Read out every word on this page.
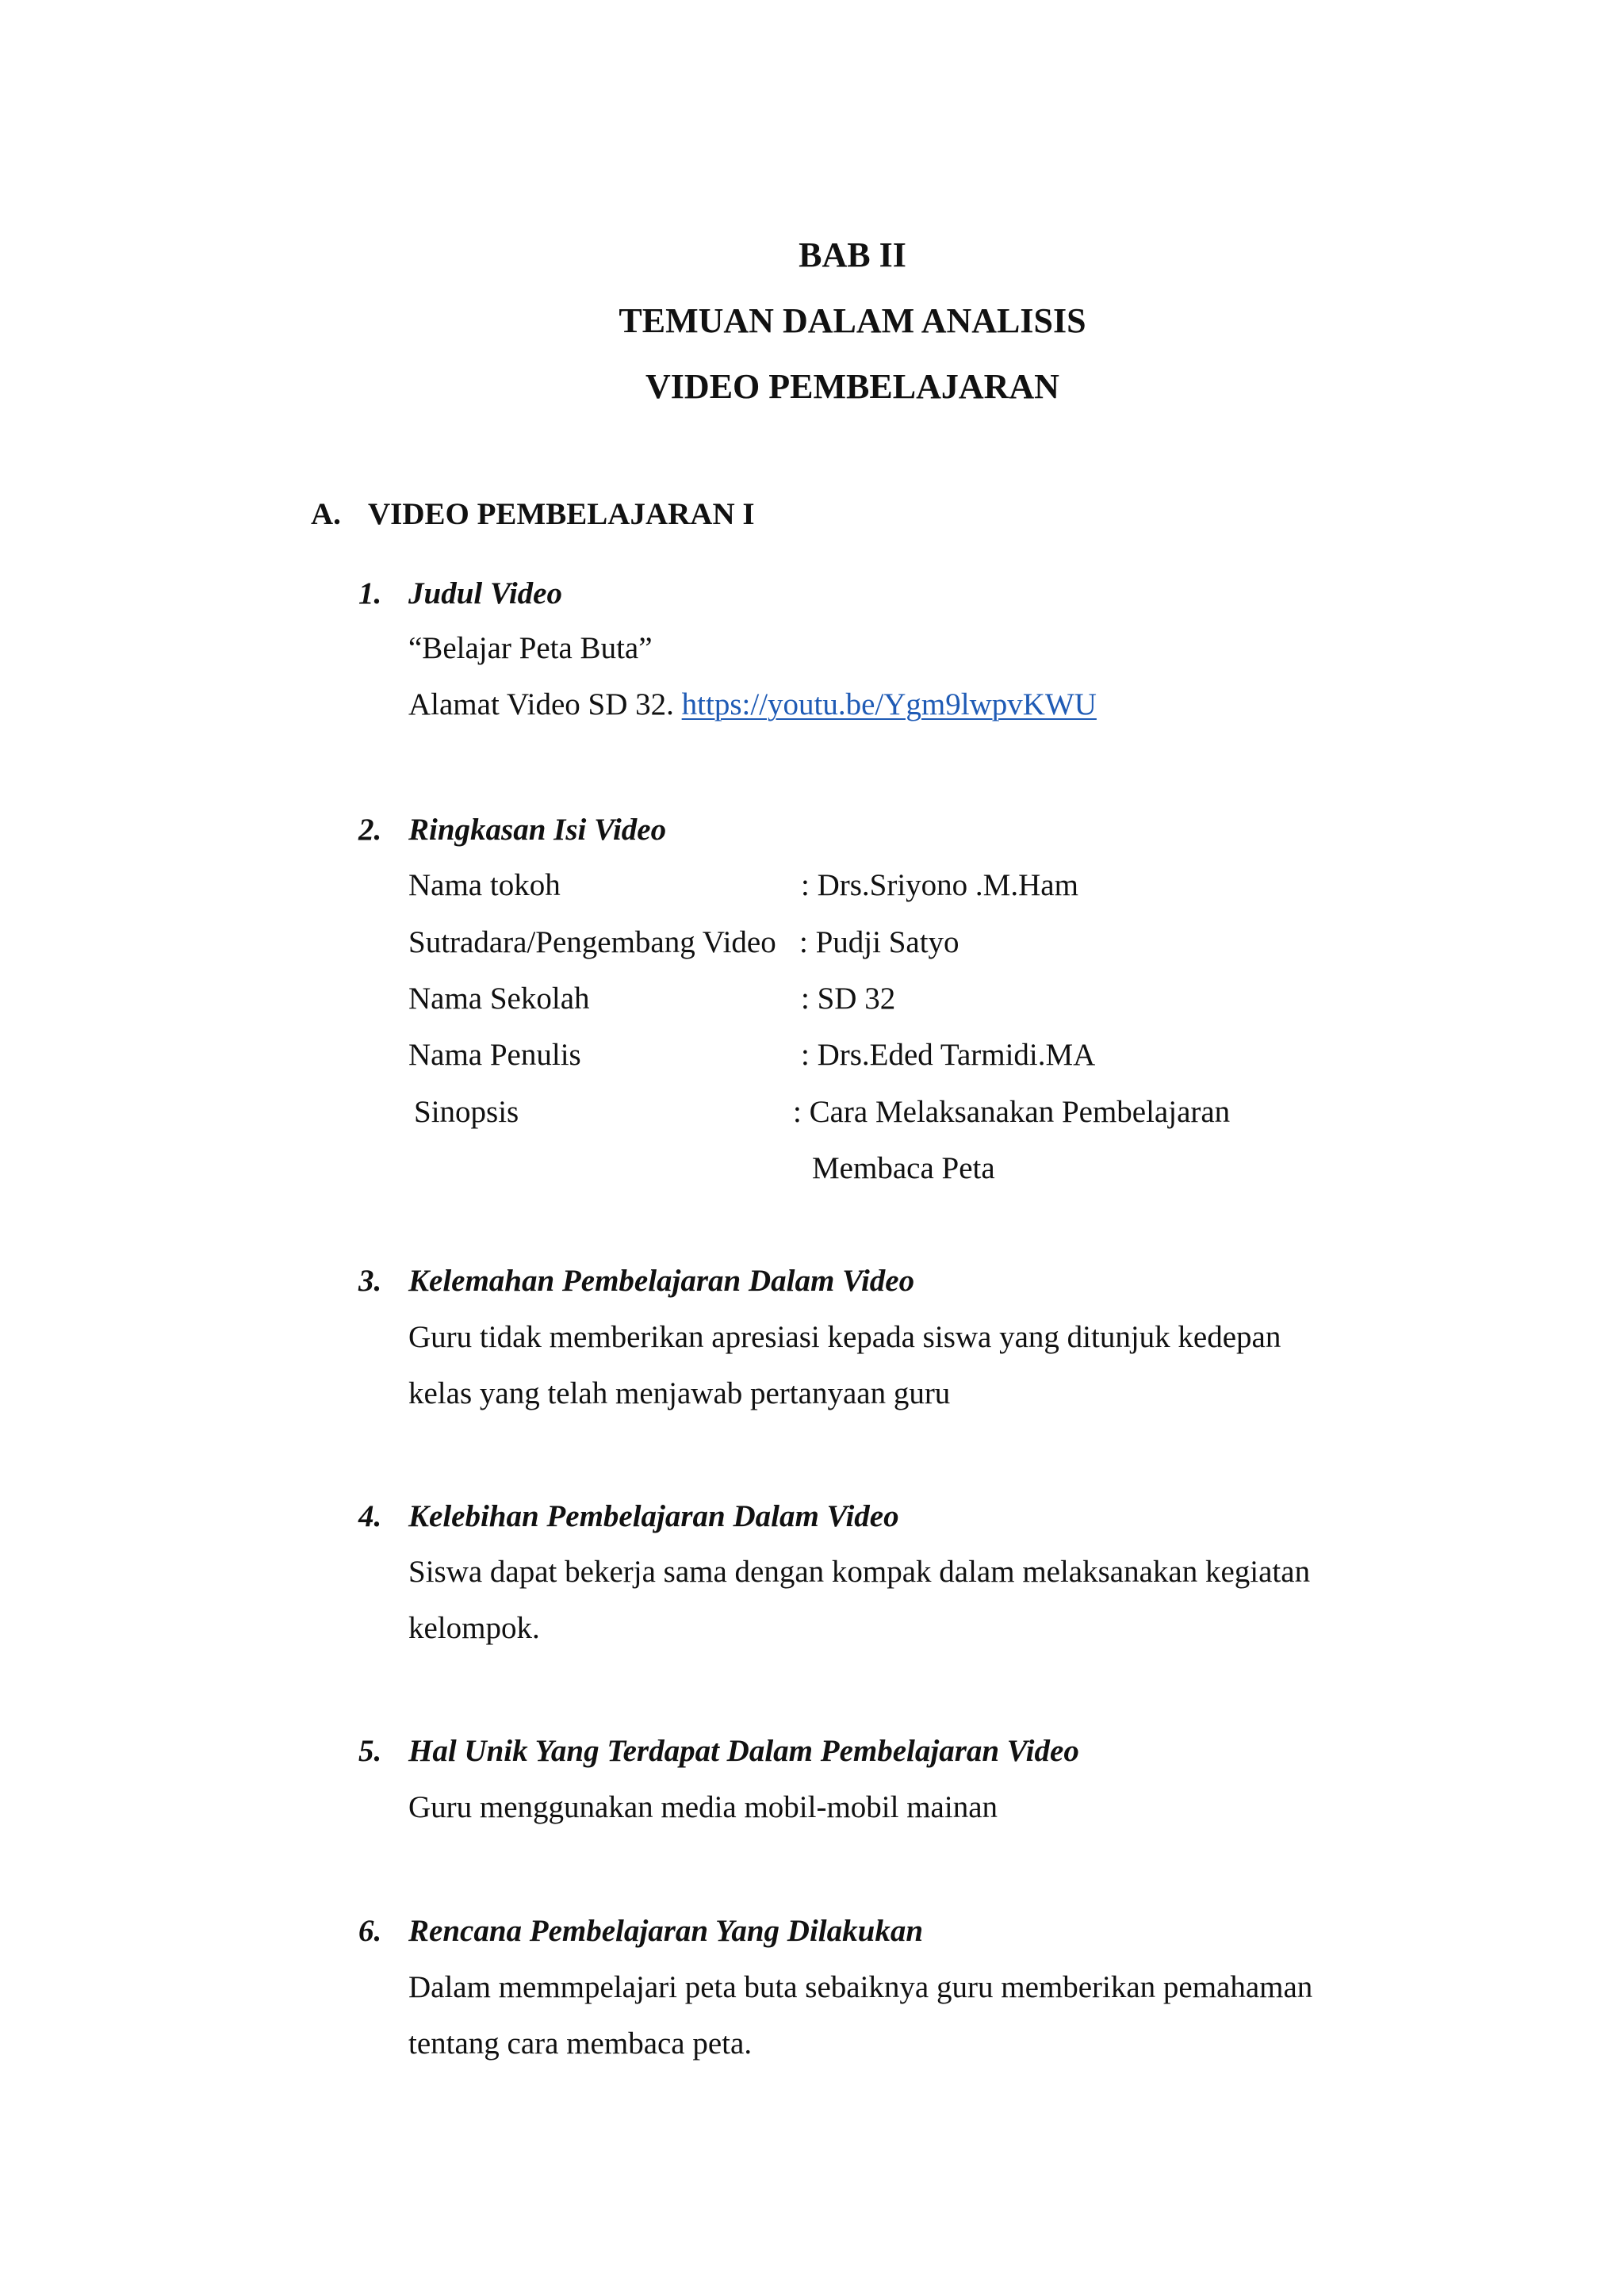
BAB II
TEMUAN DALAM ANALISIS
VIDEO PEMBELAJARAN
A. VIDEO PEMBELAJARAN I
1. Judul Video
“Belajar Peta Buta”
Alamat Video SD 32. https://youtu.be/Ygm9lwpvKWU
2. Ringkasan Isi Video
Nama tokoh	: Drs.Sriyono .M.Ham
Sutradara/Pengembang Video : Pudji Satyo
Nama Sekolah	: SD 32
Nama Penulis	: Drs.Eded Tarmidi.MA
Sinopsis	: Cara Melaksanakan Pembelajaran
Membaca Peta
3. Kelemahan Pembelajaran Dalam Video
Guru tidak memberikan apresiasi kepada siswa yang ditunjuk kedepan
kelas yang telah menjawab pertanyaan guru
4. Kelebihan Pembelajaran Dalam Video
Siswa dapat bekerja sama dengan kompak dalam melaksanakan kegiatan
kelompok.
5. Hal Unik Yang Terdapat Dalam Pembelajaran Video
Guru menggunakan media mobil-mobil mainan
6. Rencana Pembelajaran Yang Dilakukan
Dalam memmpelajari peta buta sebaiknya guru memberikan pemahaman
tentang cara membaca peta.
